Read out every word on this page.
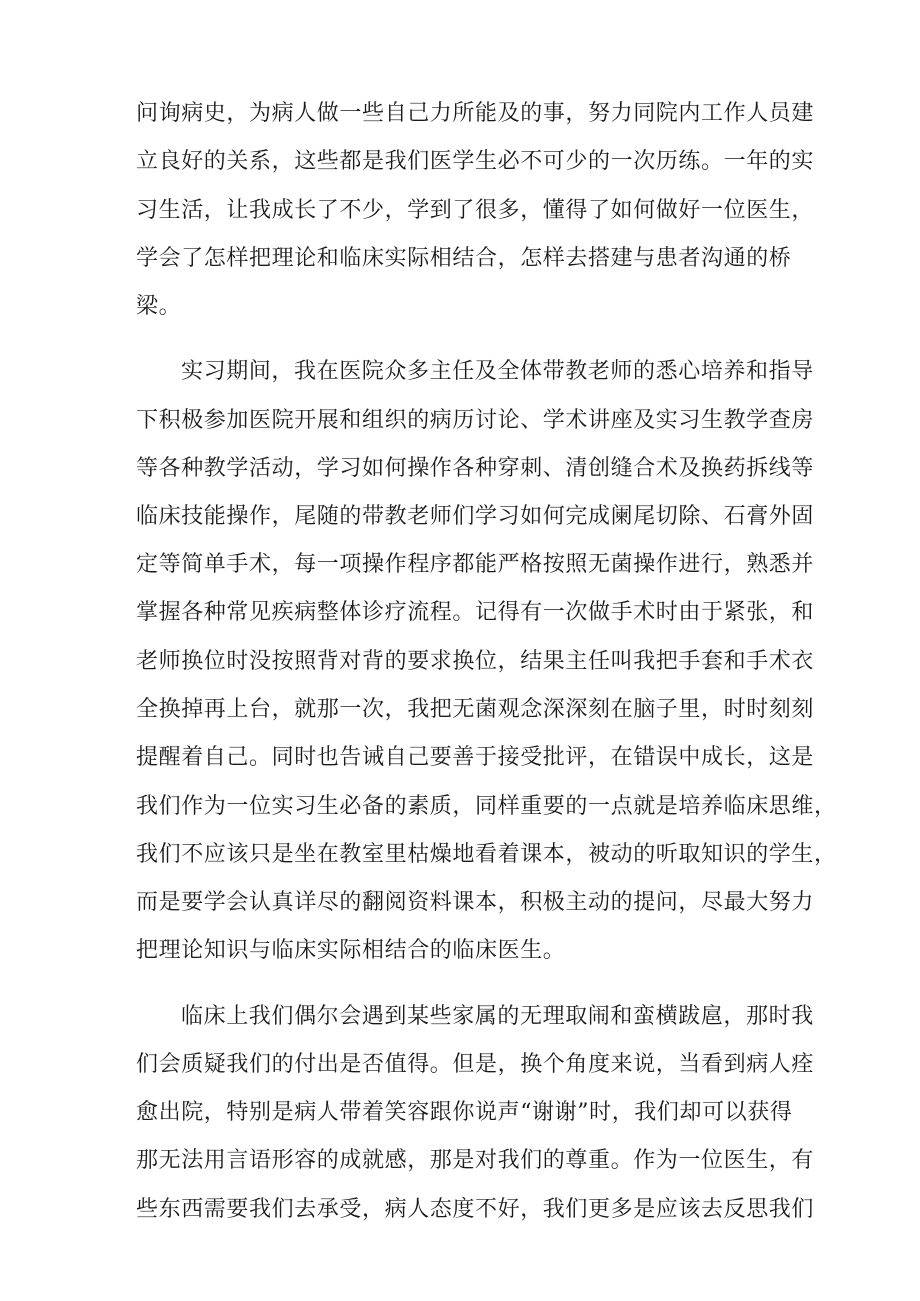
问询病史，为病人做一些自己力所能及的事，努力同院内工作人员建
立良好的关系，这些都是我们医学生必不可少的一次历练。一年的实
习生活，让我成长了不少，学到了很多，懂得了如何做好一位医生，
学会了怎样把理论和临床实际相结合，怎样去搭建与患者沟通的桥
梁。
实习期间，我在医院众多主任及全体带教老师的悉心培养和指导
下积极参加医院开展和组织的病历讨论、学术讲座及实习生教学查房
等各种教学活动，学习如何操作各种穿刺、清创缝合术及换药拆线等
临床技能操作，尾随的带教老师们学习如何完成阑尾切除、石膏外固
定等简单手术，每一项操作程序都能严格按照无菌操作进行，熟悉并
掌握各种常见疾病整体诊疗流程。记得有一次做手术时由于紧张，和
老师换位时没按照背对背的要求换位，结果主任叫我把手套和手术衣
全换掉再上台，就那一次，我把无菌观念深深刻在脑子里，时时刻刻
提醒着自己。同时也告诫自己要善于接受批评，在错误中成长，这是
我们作为一位实习生必备的素质，同样重要的一点就是培养临床思维，
我们不应该只是坐在教室里枯燥地看着课本，被动的听取知识的学生，
而是要学会认真详尽的翻阅资料课本，积极主动的提问，尽最大努力
把理论知识与临床实际相结合的临床医生。
临床上我们偶尔会遇到某些家属的无理取闹和蛮横跋扈，那时我
们会质疑我们的付出是否值得。但是，换个角度来说，当看到病人痊
愈出院，特别是病人带着笑容跟你说声“谢谢”时，我们却可以获得
那无法用言语形容的成就感，那是对我们的尊重。作为一位医生，有
些东西需要我们去承受，病人态度不好，我们更多是应该去反思我们
